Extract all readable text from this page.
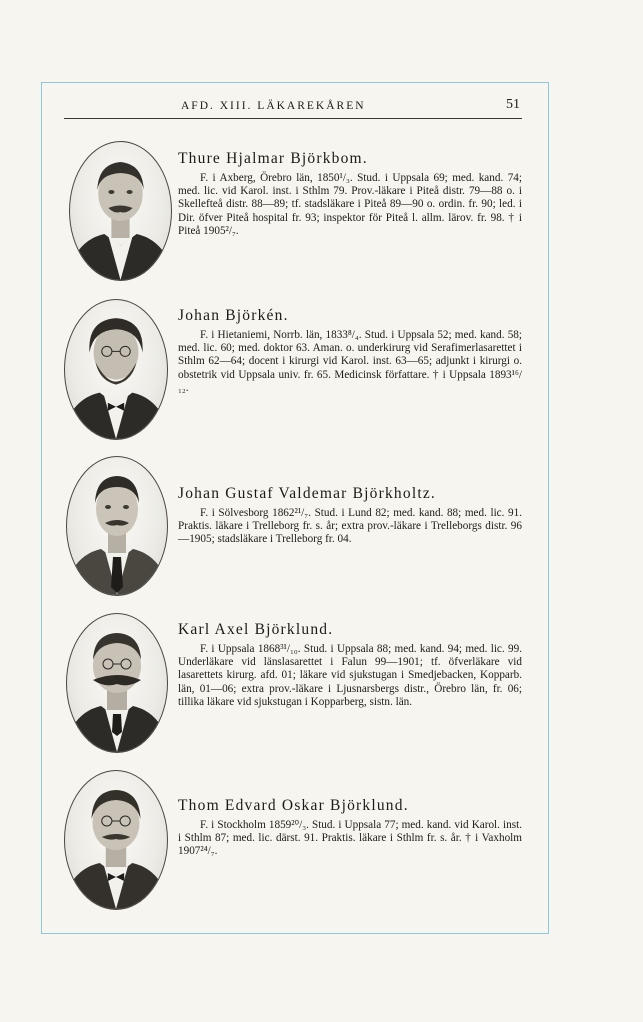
AFD. XIII. LÄKAREKÅREN	51
Thure Hjalmar Björkbom.

F. i Axberg, Örebro län, 1850¹/₃. Stud. i Uppsala 69; med. kand. 74; med. lic. vid Karol. inst. i Sthlm 79. Prov.-läkare i Piteå distr. 79—88 o. i Skellefteå distr. 88—89; tf. stadsläkare i Piteå 89—90 o. ordin. fr. 90; led. i Dir. öfver Piteå hospital fr. 93; inspektor för Piteå l. allm. lärov. fr. 98. † i Piteå 1905²/₇.

Johan Björkén.

F. i Hietaniemi, Norrb. län, 1833⁸/₄. Stud. i Uppsala 52; med. kand. 58; med. lic. 60; med. doktor 63. Aman. o. underkirurg vid Serafimerlasarettet i Sthlm 62—64; docent i kirurgi vid Karol. inst. 63—65; adjunkt i kirurgi o. obstetrik vid Uppsala univ. fr. 65. Medicinsk författare. † i Uppsala 1893¹⁶/₁₂.

Johan Gustaf Valdemar Björkholtz.

F. i Sölvesborg 1862²¹/₇. Stud. i Lund 82; med. kand. 88; med. lic. 91. Praktis. läkare i Trelleborg fr. s. år; extra prov.-läkare i Trelleborgs distr. 96—1905; stadsläkare i Trelleborg fr. 04.

Karl Axel Björklund.

F. i Uppsala 1868³¹/₁₀. Stud. i Uppsala 88; med. kand. 94; med. lic. 99. Underläkare vid länslasarettet i Falun 99—1901; tf. öfverläkare vid lasarettets kirurg. afd. 01; läkare vid sjukstugan i Smedjebacken, Kopparb. län, 01—06; extra prov.-läkare i Ljusnarsbergs distr., Örebro län, fr. 06; tillika läkare vid sjukstugan i Kopparberg, sistn. län.

Thom Edvard Oskar Björklund.

F. i Stockholm 1859²⁰/₃. Stud. i Uppsala 77; med. kand. vid Karol. inst. i Sthlm 87; med. lic. därst. 91. Praktis. läkare i Sthlm fr. s. år. † i Vaxholm 1907²⁴/₇.
